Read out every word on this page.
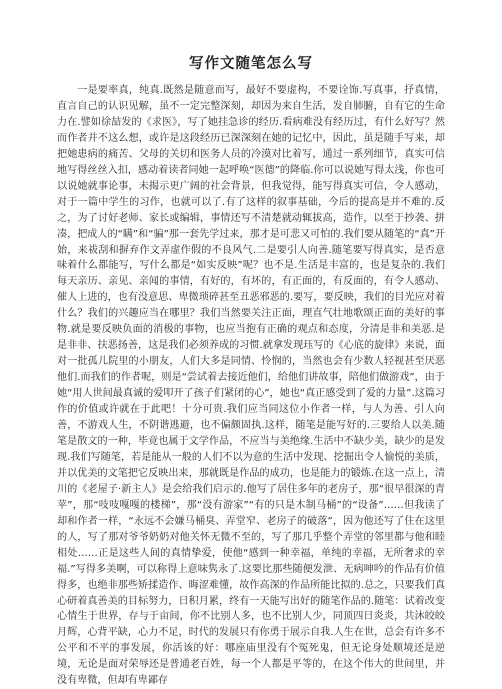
写作文随笔怎么写

一是要率真，纯真.既然是随意而写，最好不要虚构，不要诠饰.写真事，抒真情，直言自己的认识见解，虽不一定完整深刻，却因为来自生活，发自肺腑，自有它的生命力在.譬如徐喆发的《求医》，写了她挂急诊的经历.看病难没有经历过，有什么好写？然而作者并不这么想，或许是这段经历已深深刻在她的记忆中，因此，虽是随手写来，却把她患病的痛苦、父母的关切和医务人员的冷漠对比着写，通过一系列细节，真实可信地写得丝丝入扣，感动着读者同她一起呼唤“医德”的降临.你可以说她写得太浅，你也可以说她就事论事，未揭示更广阔的社会背景，但我觉得，能写得真实可信，令人感动，对于一篇中学生的习作，也就可以了.有了这样的叙事基础，今后的提高是并不难的.反之，为了讨好老师、家长或编辑，事情还写不清楚就动辄拔高，造作，以至于抄袭、拼凑，把成人的“瞒”和“骗”那一套先学过来，那才是可悲又可怕的.我们要从随笔的“真”开始，来祓刮和摒弃作文弄虚作假的不良风气.二是要引人向善.随笔要写得真实，是否意味着什么都能写，写什么都是“如实反映”呢？也不是.生活是丰富的，也是复杂的.我们每天亲历、亲见、亲闻的事情，有好的，有坏的，有正面的，有反面的，有令人感动、催人上进的，也有没意思、卑微琐碎甚至丑恶邪恶的.要写，要反映，我们的目光应对着什么？我们的兴趣应当在哪里？我们当然要关注正面，理直气壮地歌颂正面的美好的事物.就是要反映负面的消极的事物，也应当抱有正确的观点和态度，分清是非和美恶.是是非非、扶恶扬善，这是我们必须养成的习惯.就拿发现珏写的《心底的旋律》来说，面对一批孤儿院里的小朋友，人们大多是同情、怜悯的，当然也会有少数人轻视甚至厌恶他们.而我们的作者呢，则是“尝试着去接近他们，给他们讲故事，陪他们做游戏”，由于她“用人世间最真诚的爱叩开了孩子们紧闭的心”，她也“真正感受到了爱的力量”.这篇习作的价值或许就在于此吧！十分可贵.我们应当同这位小作者一样，与人为善、引人向善，不游戏人生，不阴谐逃避，也不偏颇固执.这样，随笔是能写好的.三要给人以美.随笔是散文的一种，毕竟也属于文学作品，不应当与美绝缘.生活中不缺少美，缺少的是发现.我们写随笔，若是能从一般的人们不以为意的生活中发现、挖掘出令人愉悦的美质，并以优美的文笔把它反映出来，那就既是作品的成功，也是能力的锻炼.在这一点上，清川的《老屋子·新主人》是会给我们启示的.他写了居住多年的老房子，那“很早很深的青苹”，那“吱吱嘎嘎的楼梯”，那“没有游家”“有的只是木制马桶”的“设备”……但我读了却和作者一样，“永远不会嫌马桶臭、弄堂窄、老房子的破落”，因为他还写了住在这里的人，写了那对爷爷奶奶对他关怀无微不至的，写了那几乎整个弄堂的邻里都与他和睦相处……正是这些人间的真情挚爱，使他“感到一种幸福，单纯的幸福，无所奢求的幸福.”写得多美啊，可以称得上意味隽永了.这要比那些随便发泄、无病呻吟的作品有价值得多，也绝非那些矫揉造作、晦涩难懂，故作高深的作品所能比拟的.总之，只要我们真心研着真善美的目标努力，日积月累，终有一天能写出好的随笔作品的.随笔：试着改变心情生于世界，存与于亩间，你不比别人多，也不比别人少，同顶四日炎炎，共沐皎皎月辉，心背平缺，心力不足，时代的发展只有你勇于展示自我.人生在世，总会有许多不公平和不平的事发展，你活该的好：哪座庙里没有个冤死鬼，但无论身处顺境还是逆境，无论是面对荣辱还是普通老百姓，每一个人都是平等的，在这个伟大的世间里，并没有卑微，但却有卑鄙存
